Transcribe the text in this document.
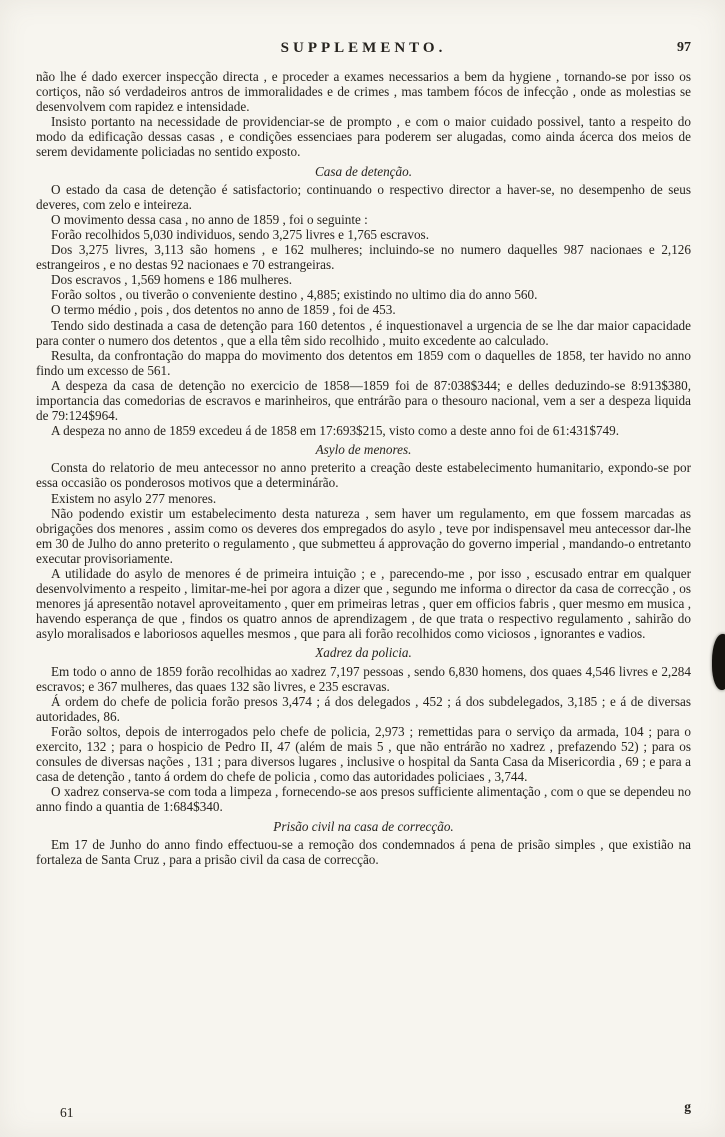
SUPPLEMENTO.	97

não lhe é dado exercer inspecção directa , e proceder a exames necessarios a bem da hygiene , tornando-se por isso os cortiços, não só verdadeiros antros de immoralidades e de crimes , mas tambem fócos de infecção , onde as molestias se desenvolvem com rapidez e intensidade.

Insisto portanto na necessidade de providenciar-se de prompto , e com o maior cuidado possivel, tanto a respeito do modo da edificação dessas casas , e condições essenciaes para poderem ser alugadas, como ainda ácerca dos meios de serem devidamente policiadas no sentido exposto.

Casa de detenção.

O estado da casa de detenção é satisfactorio; continuando o respectivo director a haver-se, no desempenho de seus deveres, com zelo e inteireza.

O movimento dessa casa , no anno de 1859 , foi o seguinte :

Forão recolhidos 5,030 individuos, sendo 3,275 livres e 1,765 escravos.

Dos 3,275 livres, 3,113 são homens , e 162 mulheres; incluindo-se no numero daquelles 987 nacionaes e 2,126 estrangeiros , e no destas 92 nacionaes e 70 estrangeiras.

Dos escravos , 1,569 homens e 186 mulheres.

Forão soltos , ou tiverão o conveniente destino , 4,885; existindo no ultimo dia do anno 560.

O termo médio , pois , dos detentos no anno de 1859 , foi de 453.

Tendo sido destinada a casa de detenção para 160 detentos , é inquestionavel a urgencia de se lhe dar maior capacidade para conter o numero dos detentos , que a ella têm sido recolhido , muito excedente ao calculado.

Resulta, da confrontação do mappa do movimento dos detentos em 1859 com o daquelles de 1858, ter havido no anno findo um excesso de 561.

A despeza da casa de detenção no exercicio de 1858—1859 foi de 87:038$344; e delles deduzindo-se 8:913$380, importancia das comedorias de escravos e marinheiros, que entrárão para o thesouro nacional, vem a ser a despeza liquida de 79:124$964.

A despeza no anno de 1859 excedeu á de 1858 em 17:693$215, visto como a deste anno foi de 61:431$749.

Asylo de menores.

Consta do relatorio de meu antecessor no anno preterito a creação deste estabelecimento humanitario, expondo-se por essa occasião os ponderosos motivos que a determinárão.

Existem no asylo 277 menores.

Não podendo existir um estabelecimento desta natureza , sem haver um regulamento, em que fossem marcadas as obrigações dos menores , assim como os deveres dos empregados do asylo , teve por indispensavel meu antecessor dar-lhe em 30 de Julho do anno preterito o regulamento , que submetteu á approvação do governo imperial , mandando-o entretanto executar provisoriamente.

A utilidade do asylo de menores é de primeira intuição ; e , parecendo-me , por isso , escusado entrar em qualquer desenvolvimento a respeito , limitar-me-hei por agora a dizer que , segundo me informa o director da casa de correcção , os menores já apresentão notavel aproveitamento , quer em primeiras letras , quer em officios fabris , quer mesmo em musica , havendo esperança de que , findos os quatro annos de aprendizagem , de que trata o respectivo regulamento , sahirão do asylo moralisados e laboriosos aquelles mesmos , que para ali forão recolhidos como viciosos , ignorantes e vadios.

Xadrez da policia.

Em todo o anno de 1859 forão recolhidas ao xadrez 7,197 pessoas , sendo 6,830 homens, dos quaes 4,546 livres e 2,284 escravos; e 367 mulheres, das quaes 132 são livres, e 235 escravas.

Á ordem do chefe de policia forão presos 3,474 ; á dos delegados , 452 ; á dos subdelegados, 3,185 ; e á de diversas autoridades, 86.

Forão soltos, depois de interrogados pelo chefe de policia, 2,973 ; remettidas para o serviço da armada, 104 ; para o exercito, 132 ; para o hospicio de Pedro II, 47 (além de mais 5 , que não entrárão no xadrez , prefazendo 52) ; para os consules de diversas nações , 131 ; para diversos lugares , inclusive o hospital da Santa Casa da Misericordia , 69 ; e para a casa de detenção , tanto á ordem do chefe de policia , como das autoridades policiaes , 3,744.

O xadrez conserva-se com toda a limpeza , fornecendo-se aos presos sufficiente alimentação , com o que se dependeu no anno findo a quantia de 1:684$340.

Prisão civil na casa de correcção.

Em 17 de Junho do anno findo effectuou-se a remoção dos condemnados á pena de prisão simples , que existião na fortaleza de Santa Cruz , para a prisão civil da casa de correcção.

61	g
